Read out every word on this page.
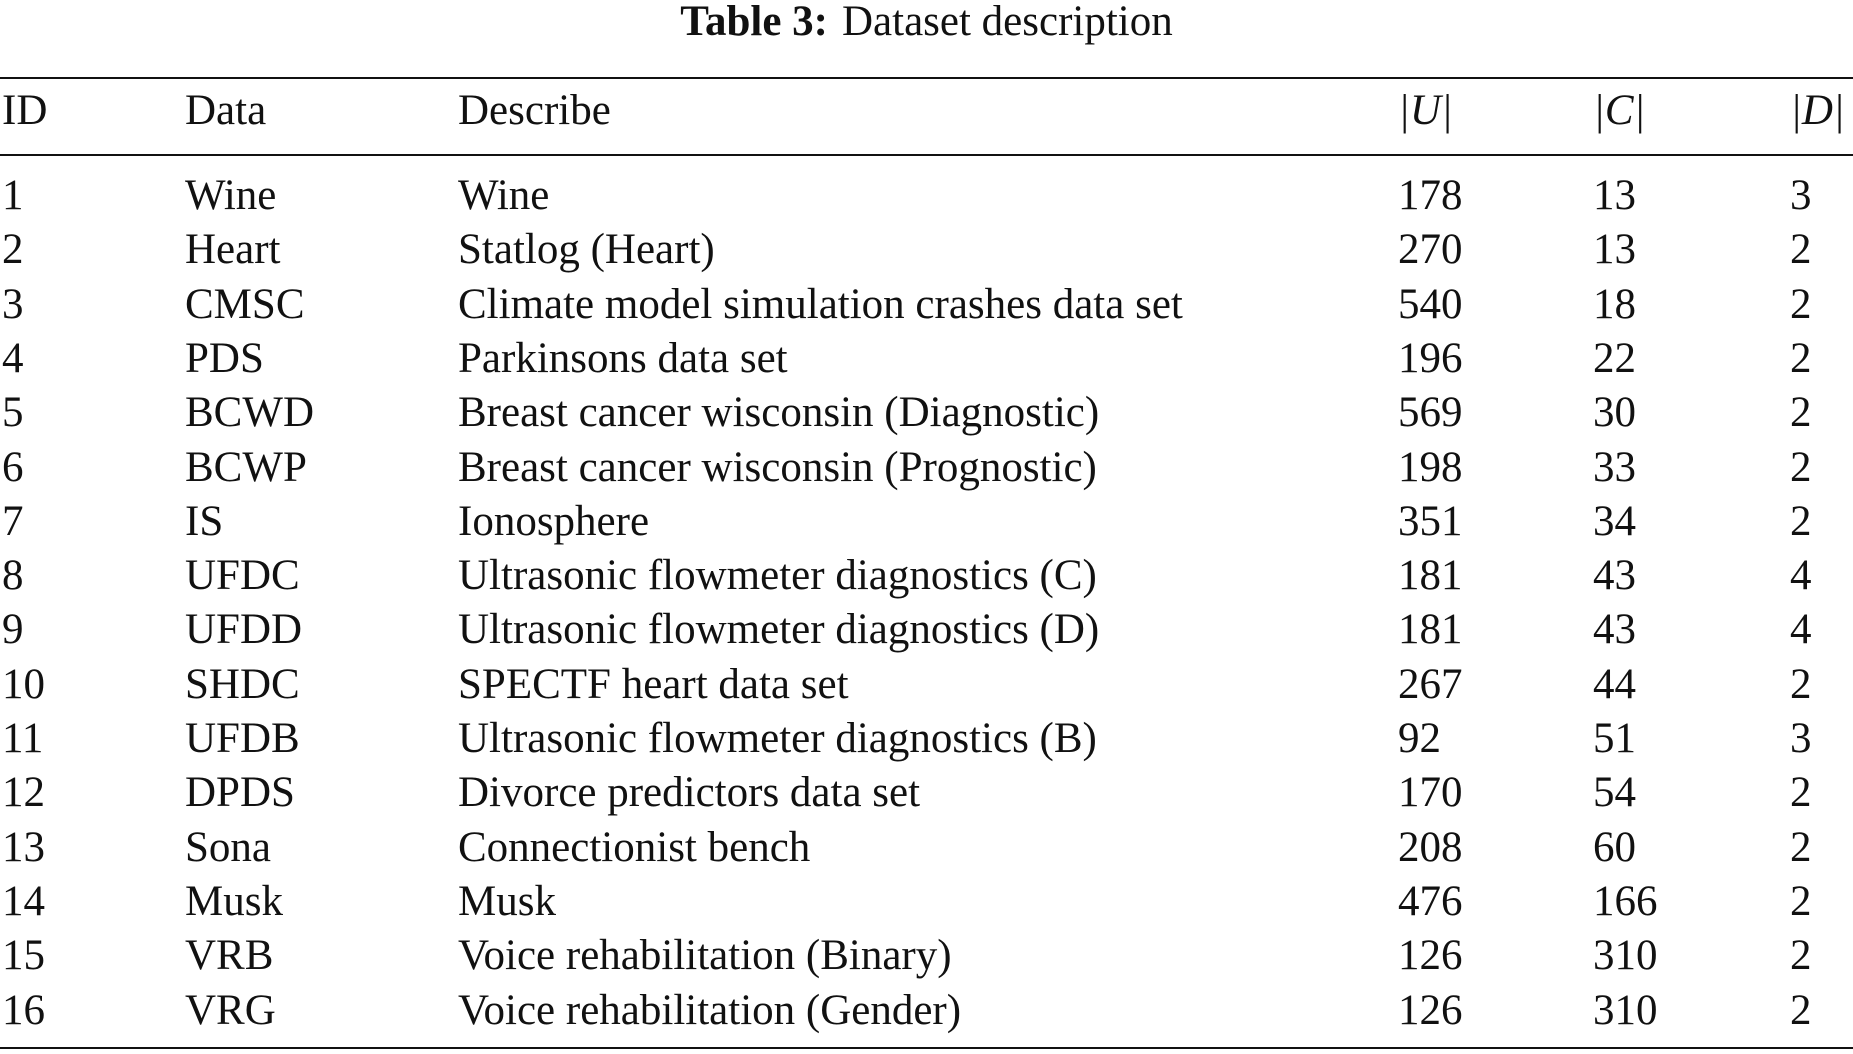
Table 3: Dataset description
ID	Data	Describe	|U|	|C|	|D|
1	Wine	Wine	178	13	3
2	Heart	Statlog (Heart)	270	13	2
3	CMSC	Climate model simulation crashes data set	540	18	2
4	PDS	Parkinsons data set	196	22	2
5	BCWD	Breast cancer wisconsin (Diagnostic)	569	30	2
6	BCWP	Breast cancer wisconsin (Prognostic)	198	33	2
7	IS	Ionosphere	351	34	2
8	UFDC	Ultrasonic flowmeter diagnostics (C)	181	43	4
9	UFDD	Ultrasonic flowmeter diagnostics (D)	181	43	4
10	SHDC	SPECTF heart data set	267	44	2
11	UFDB	Ultrasonic flowmeter diagnostics (B)	92	51	3
12	DPDS	Divorce predictors data set	170	54	2
13	Sona	Connectionist bench	208	60	2
14	Musk	Musk	476	166	2
15	VRB	Voice rehabilitation (Binary)	126	310	2
16	VRG	Voice rehabilitation (Gender)	126	310	2
